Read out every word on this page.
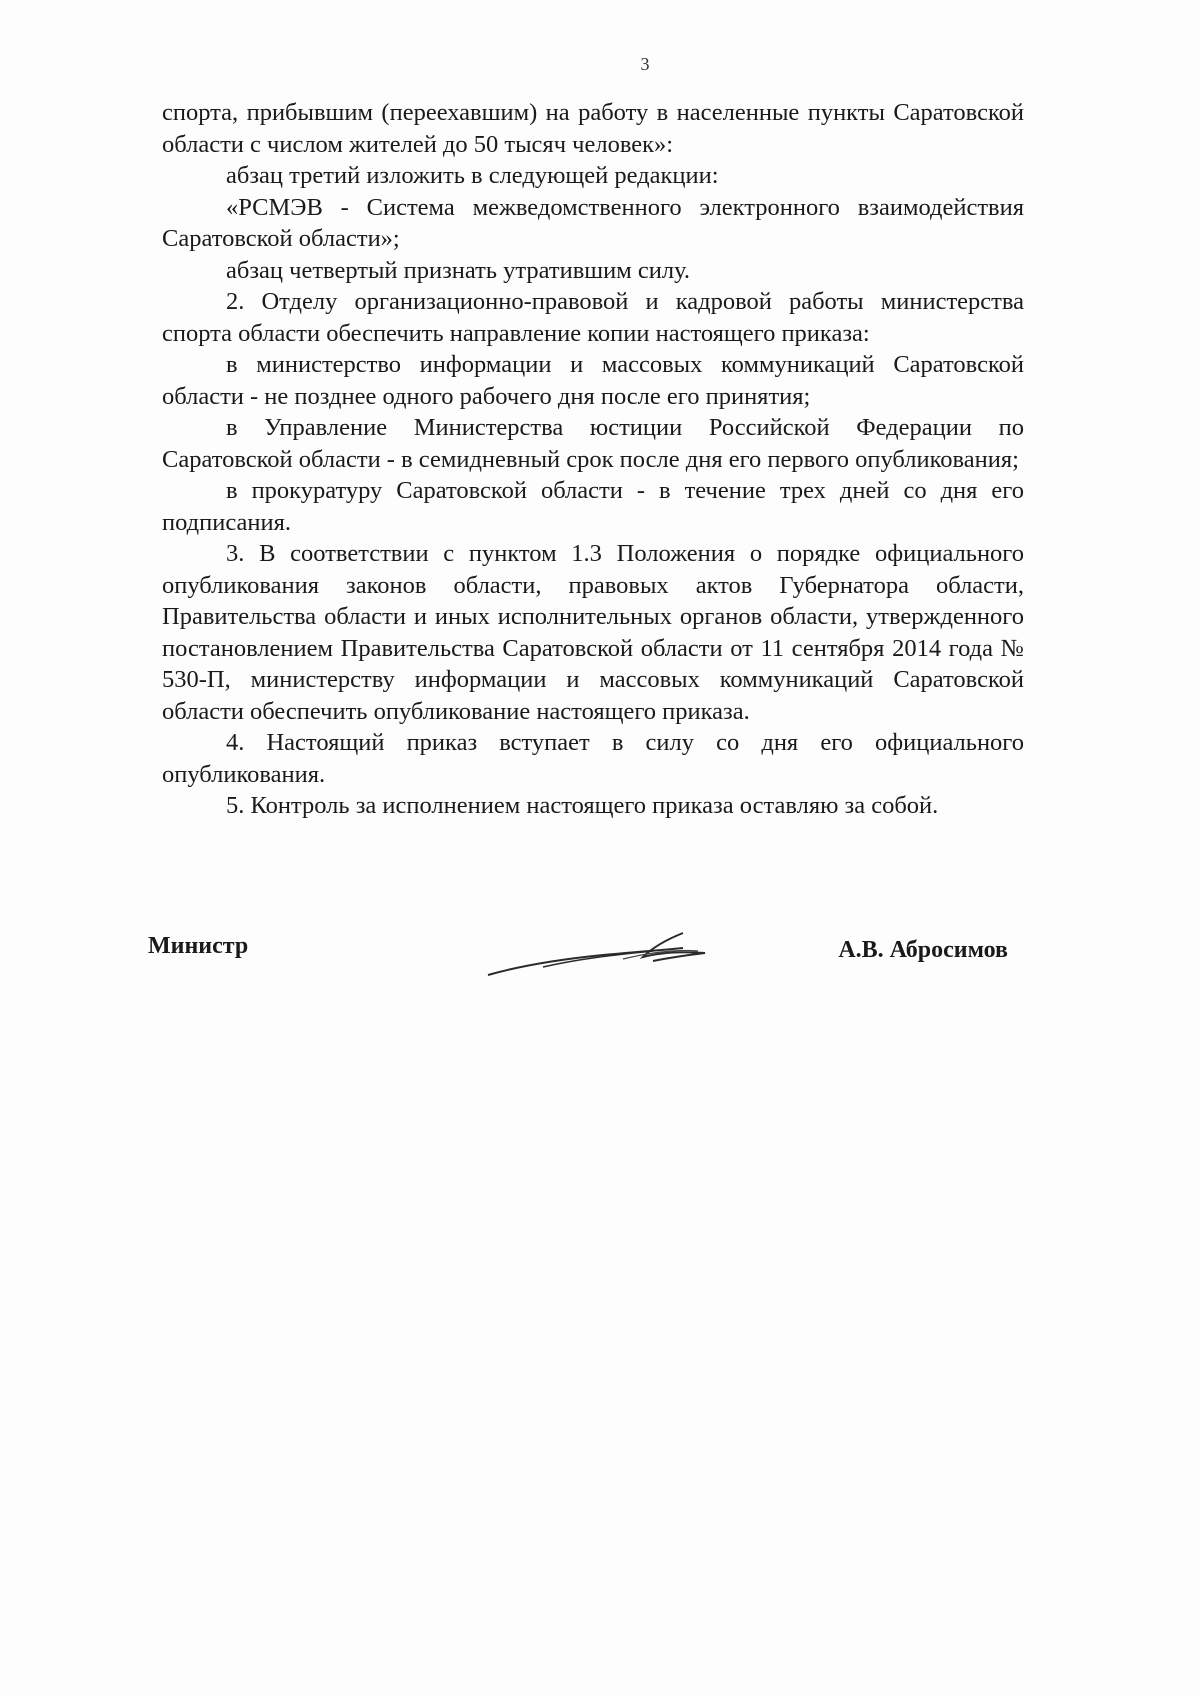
3

спорта, прибывшим (переехавшим) на работу в населенные пункты Саратовской области с числом жителей до 50 тысяч человек»:

абзац третий изложить в следующей редакции:

«РСМЭВ - Система межведомственного электронного взаимодействия Саратовской области»;

абзац четвертый признать утратившим силу.

2. Отделу организационно-правовой и кадровой работы министерства спорта области обеспечить направление копии настоящего приказа:

в министерство информации и массовых коммуникаций Саратовской области - не позднее одного рабочего дня после его принятия;

в Управление Министерства юстиции Российской Федерации по Саратовской области - в семидневный срок после дня его первого опубликования;

в прокуратуру Саратовской области - в течение трех дней со дня его подписания.

3. В соответствии с пунктом 1.3 Положения о порядке официального опубликования законов области, правовых актов Губернатора области, Правительства области и иных исполнительных органов области, утвержденного постановлением Правительства Саратовской области от 11 сентября 2014 года № 530-П, министерству информации и массовых коммуникаций Саратовской области обеспечить опубликование настоящего приказа.

4. Настоящий приказ вступает в силу со дня его официального опубликования.

5. Контроль за исполнением настоящего приказа оставляю за собой.

Министр	А.В. Абросимов
